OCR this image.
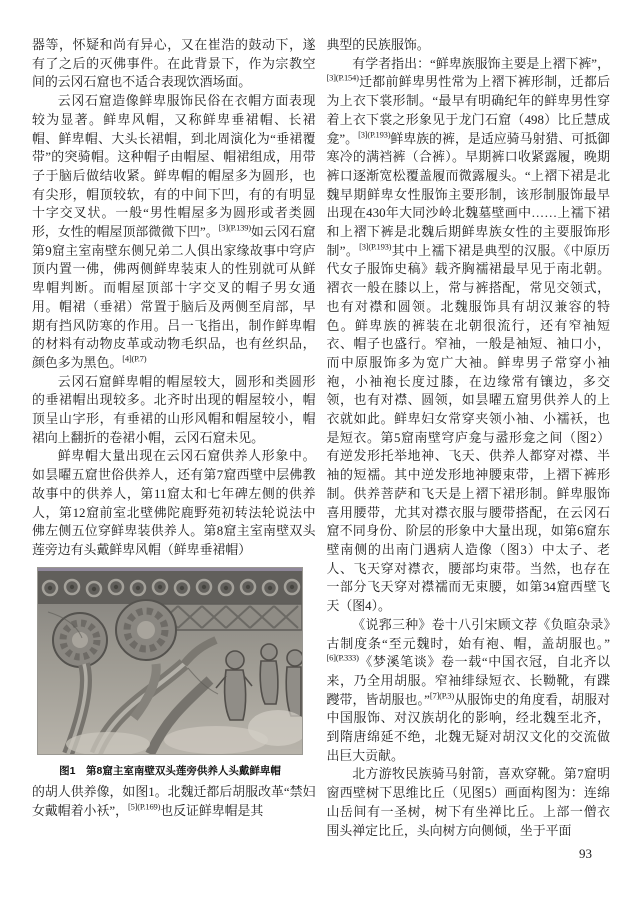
器等，怀疑和尚有异心，又在崔浩的鼓动下，遂有了之后的灭佛事件。在此背景下，作为宗教空间的云冈石窟也不适合表现饮酒场面。

云冈石窟造像鲜卑服饰民俗在衣帽方面表现较为显著。鲜卑风帽，又称鲜卑垂裙帽、长裙帽、鲜卑帽、大头长裙帽，到北周演化为“垂裙覆带”的突骑帽。这种帽子由帽屋、帽裙组成，用带子于脑后做结收紧。鲜卑帽的帽屋多为圆形，也有尖形，帽顶较软，有的中间下凹，有的有明显十字交叉状。一般“男性帽屋多为圆形或者类圆形，女性的帽屋顶部微微下凹”。$^{[3](P.139)}$如云冈石窟第9窟主室南壁东侧兄弟二人俱出家缘故事中穹庐顶内置一佛，佛两侧鲜卑装束人的性别就可从鲜卑帽判断。而帽屋顶部十字交叉的帽子男女通用。帽裙（垂裙）常置于脑后及两侧至肩部，早期有挡风防寒的作用。吕一飞指出，制作鲜卑帽的材料有动物皮革或动物毛织品，也有丝织品，颜色多为黑色。$^{[4](P.7)}$

云冈石窟鲜卑帽的帽屋较大，圆形和类圆形的垂裙帽出现较多。北齐时出现的帽屋较小，帽顶呈山字形，有垂裙的山形风帽和帽屋较小，帽裙向上翻折的卷裙小帽，云冈石窟未见。

鲜卑帽大量出现在云冈石窟供养人形象中。如昙曜五窟世俗供养人，还有第7窟西壁中层佛教故事中的供养人，第11窟太和七年碑左侧的供养人，第12窟前室北壁佛陀鹿野苑初转法轮说法中佛左侧五位穿鲜卑装供养人。第8窟主室南壁双头莲旁边有头戴鲜卑风帽（鲜卑垂裙帽）

图1　第8窟主室南壁双头莲旁供养人头戴鲜卑帽

的胡人供养像，如图1。北魏迁都后胡服改革“禁妇女戴帽着小袄”，$^{[5](P.169)}$也反证鲜卑帽是其

典型的民族服饰。

有学者指出：“鲜卑族服饰主要是上褶下裤”，$^{[3](P.154)}$迁都前鲜卑男性常为上褶下裤形制，迁都后为上衣下裳形制。“最早有明确纪年的鲜卑男性穿着上衣下裳之形象见于龙门石窟（498）比丘慧成龛”。$^{[3](P.193)}$鲜卑族的裤，是适应骑马射猎、可抵御寒冷的满裆裤（合裤）。早期裤口收紧露履，晚期裤口逐渐宽松覆盖履而微露履头。“上褶下裙是北魏早期鲜卑女性服饰主要形制，该形制服饰最早出现在430年大同沙岭北魏墓壁画中……上襦下裙和上褶下裤是北魏后期鲜卑族女性的主要服饰形制”。$^{[3](P.193)}$其中上襦下裙是典型的汉服。《中原历代女子服饰史稿》载齐胸襦裙最早见于南北朝。褶衣一般在膝以上，常与裤搭配，常见交领式，也有对襟和圆领。北魏服饰具有胡汉兼容的特色。鲜卑族的裤装在北朝很流行，还有窄袖短衣、帽子也盛行。窄袖，一般是袖短、袖口小，而中原服饰多为宽广大袖。鲜卑男子常穿小袖袍，小袖袍长度过膝，在边缘常有镶边，多交领，也有对襟、圆领，如昙曜五窟男供养人的上衣就如此。鲜卑妇女常穿夹领小袖、小襦袄，也是短衣。第5窟南壁穹庐龛与盝形龛之间（图2）有逆发形托举地神、飞天、供养人都穿对襟、半袖的短襦。其中逆发形地神腰束带，上褶下裤形制。供养菩萨和飞天是上褶下裙形制。鲜卑服饰喜用腰带，尤其对襟衣服与腰带搭配，在云冈石窟不同身份、阶层的形象中大量出现，如第6窟东壁南侧的出南门遇病人造像（图3）中太子、老人、飞天穿对襟衣，腰部均束带。当然，也存在一部分飞天穿对襟襦而无束腰，如第34窟西壁飞天（图4）。

《说郛三种》卷十八引宋顾文荐《负暄杂录》古制度条“至元魏时，始有袍、帽，盖胡服也。”$^{[6](P.333)}$《梦溪笔谈》卷一载“中国衣冠，自北齐以来，乃全用胡服。窄袖绯绿短衣、长靿靴，有蹀躞带，皆胡服也。”$^{[7](P.3)}$从服饰史的角度看，胡服对中国服饰、对汉族胡化的影响，经北魏至北齐，到隋唐绵延不绝，北魏无疑对胡汉文化的交流做出巨大贡献。

北方游牧民族骑马射箭，喜欢穿靴。第7窟明窗西壁树下思维比丘（见图5）画面构图为：连绵山岳间有一圣树，树下有坐禅比丘。上部一僧衣围头禅定比丘，头向树方向侧倾，坐于平面

93
